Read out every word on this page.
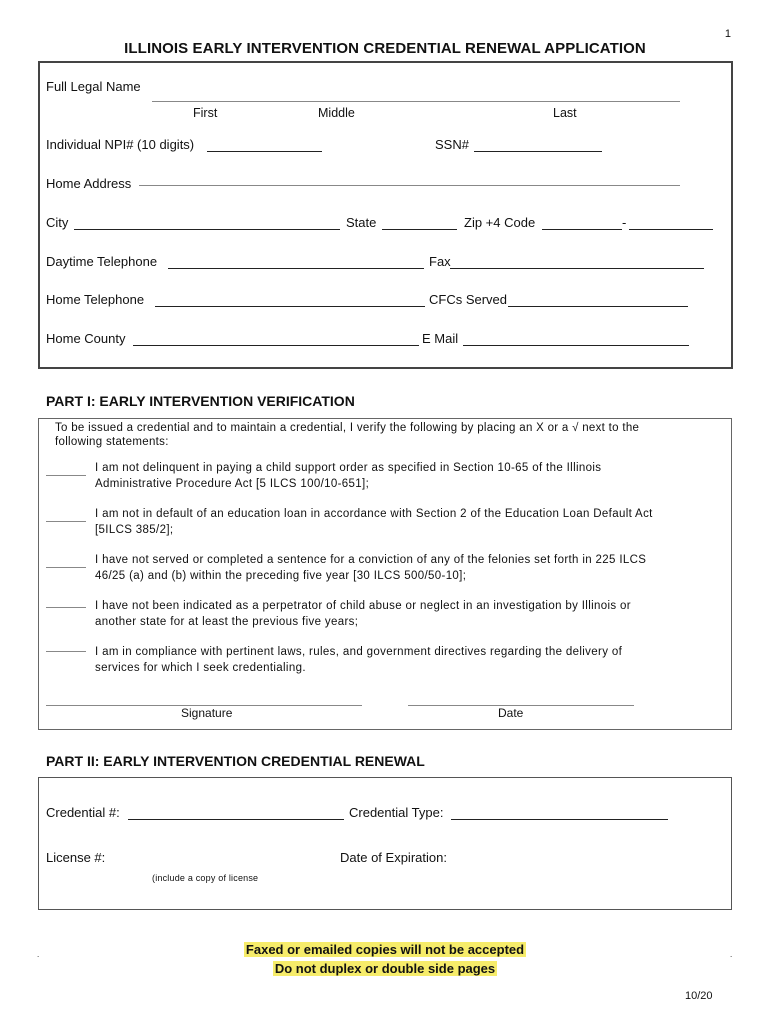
1
ILLINOIS EARLY INTERVENTION CREDENTIAL RENEWAL APPLICATION
Full Legal Name
First	Middle	Last
Individual NPI# (10 digits)	SSN#
Home Address
City	State	Zip +4 Code	-
Daytime Telephone	Fax
Home Telephone	CFCs Served
Home County	E Mail
PART I: EARLY INTERVENTION VERIFICATION
To be issued a credential and to maintain a credential, I verify the following by placing an X or a √ next to the
following statements:
I am not delinquent in paying a child support order as specified in Section 10-65 of the Illinois
Administrative Procedure Act [5 ILCS 100/10-651];
I am not in default of an education loan in accordance with Section 2 of the Education Loan Default Act
[5ILCS 385/2];
I have not served or completed a sentence for a conviction of any of the felonies set forth in 225 ILCS
46/25 (a) and (b) within the preceding five year [30 ILCS 500/50-10];
I have not been indicated as a perpetrator of child abuse or neglect in an investigation by Illinois or
another state for at least the previous five years;
I am in compliance with pertinent laws, rules, and government directives regarding the delivery of
services for which I seek credentialing.
Signature	Date
PART II: EARLY INTERVENTION CREDENTIAL RENEWAL
Credential #:	Credential Type:
License #:	Date of Expiration:
(include a copy of license
.	.
Faxed or emailed copies will not be accepted
Do not duplex or double side pages
10/20
